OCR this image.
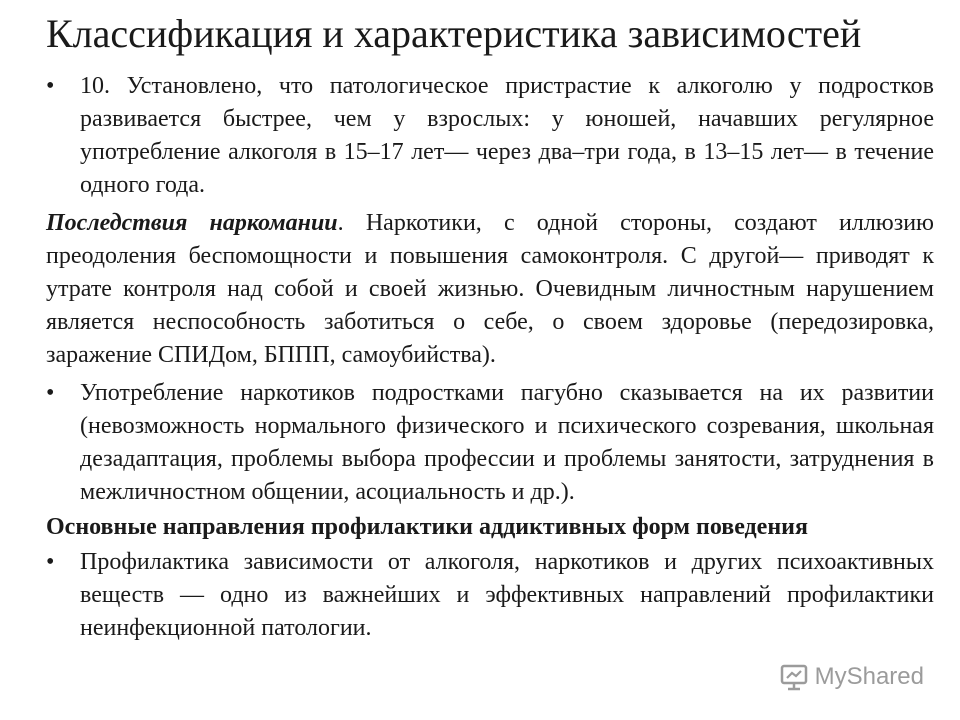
Классификация и характеристика зависимостей

• 10. Установлено, что патологическое пристрастие к алкоголю у подростков развивается быстрее, чем у взрослых: у юношей, начавших регулярное употребление алкоголя в 15–17 лет— через два–три года, в 13–15 лет— в течение одного года.

Последствия наркомании. Наркотики, с одной стороны, создают иллюзию преодоления беспомощности и повышения самоконтроля. С другой— приводят к утрате контроля над собой и своей жизнью. Очевидным личностным нарушением является неспособность заботиться о себе, о своем здоровье (передозировка, заражение СПИДом, БППП, самоубийства).

• Употребление наркотиков подростками пагубно сказывается на их развитии (невозможность нормального физического и психического созревания, школьная дезадаптация, проблемы выбора профессии и проблемы занятости, затруднения в межличностном общении, асоциальность и др.).

Основные направления профилактики аддиктивных форм поведения

• Профилактика зависимости от алкоголя, наркотиков и других психоактивных веществ — одно из важнейших и эффективных направлений профилактики неинфекционной патологии.

MyShared
